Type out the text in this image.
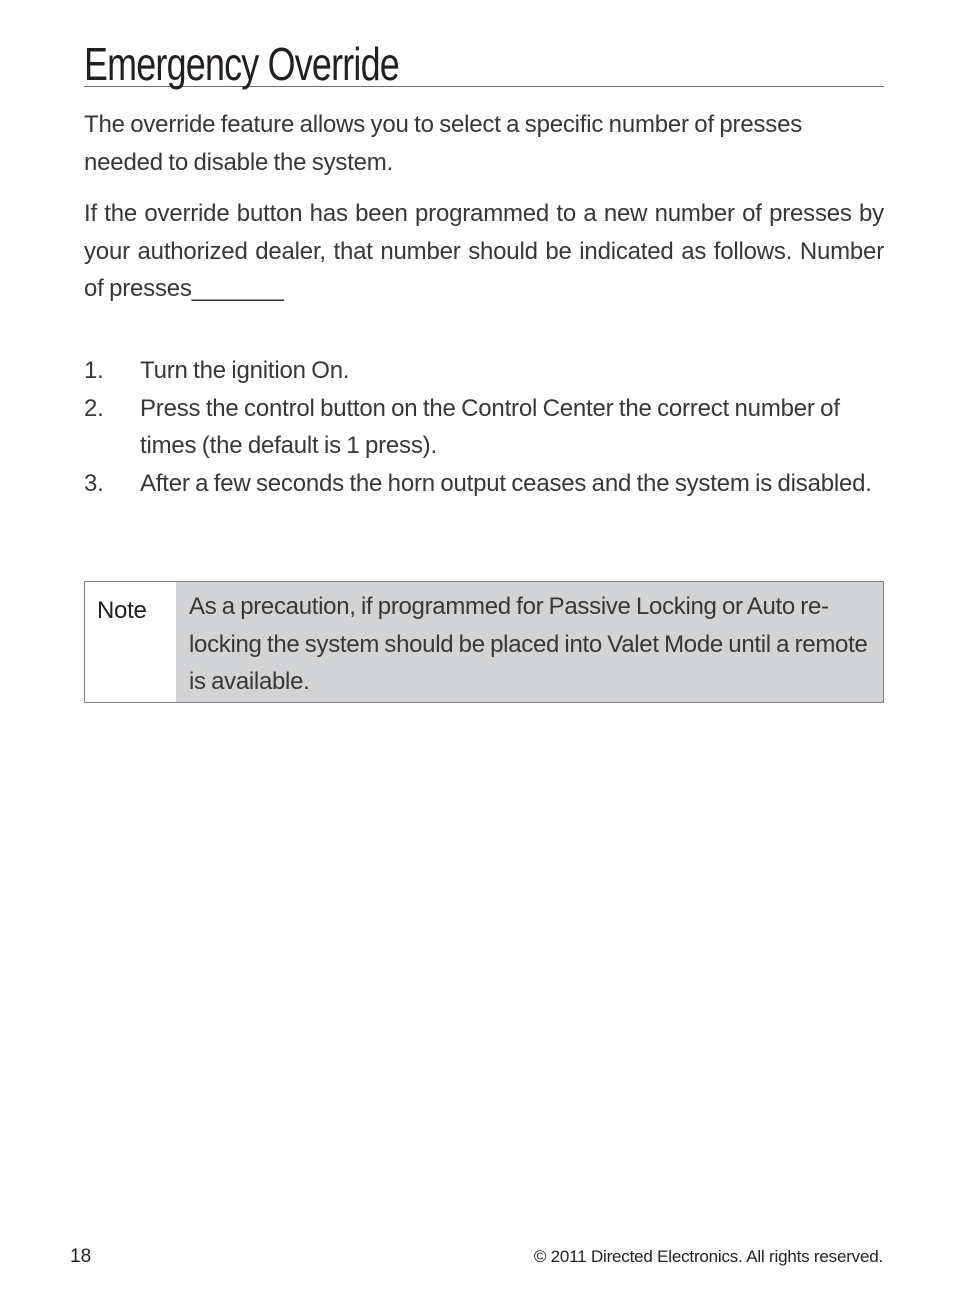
Emergency Override

The override feature allows you to select a specific number of presses needed to disable the system.

If the override button has been programmed to a new number of presses by your authorized dealer, that number should be indicated as follows. Number of presses_______

1. Turn the ignition On.
2. Press the control button on the Control Center the correct number of times (the default is 1 press).
3. After a few seconds the horn output ceases and the system is disabled.
Note	As a precaution, if programmed for Passive Locking or Auto re-locking the system should be placed into Valet Mode until a remote is available.
18	© 2011 Directed Electronics. All rights reserved.
